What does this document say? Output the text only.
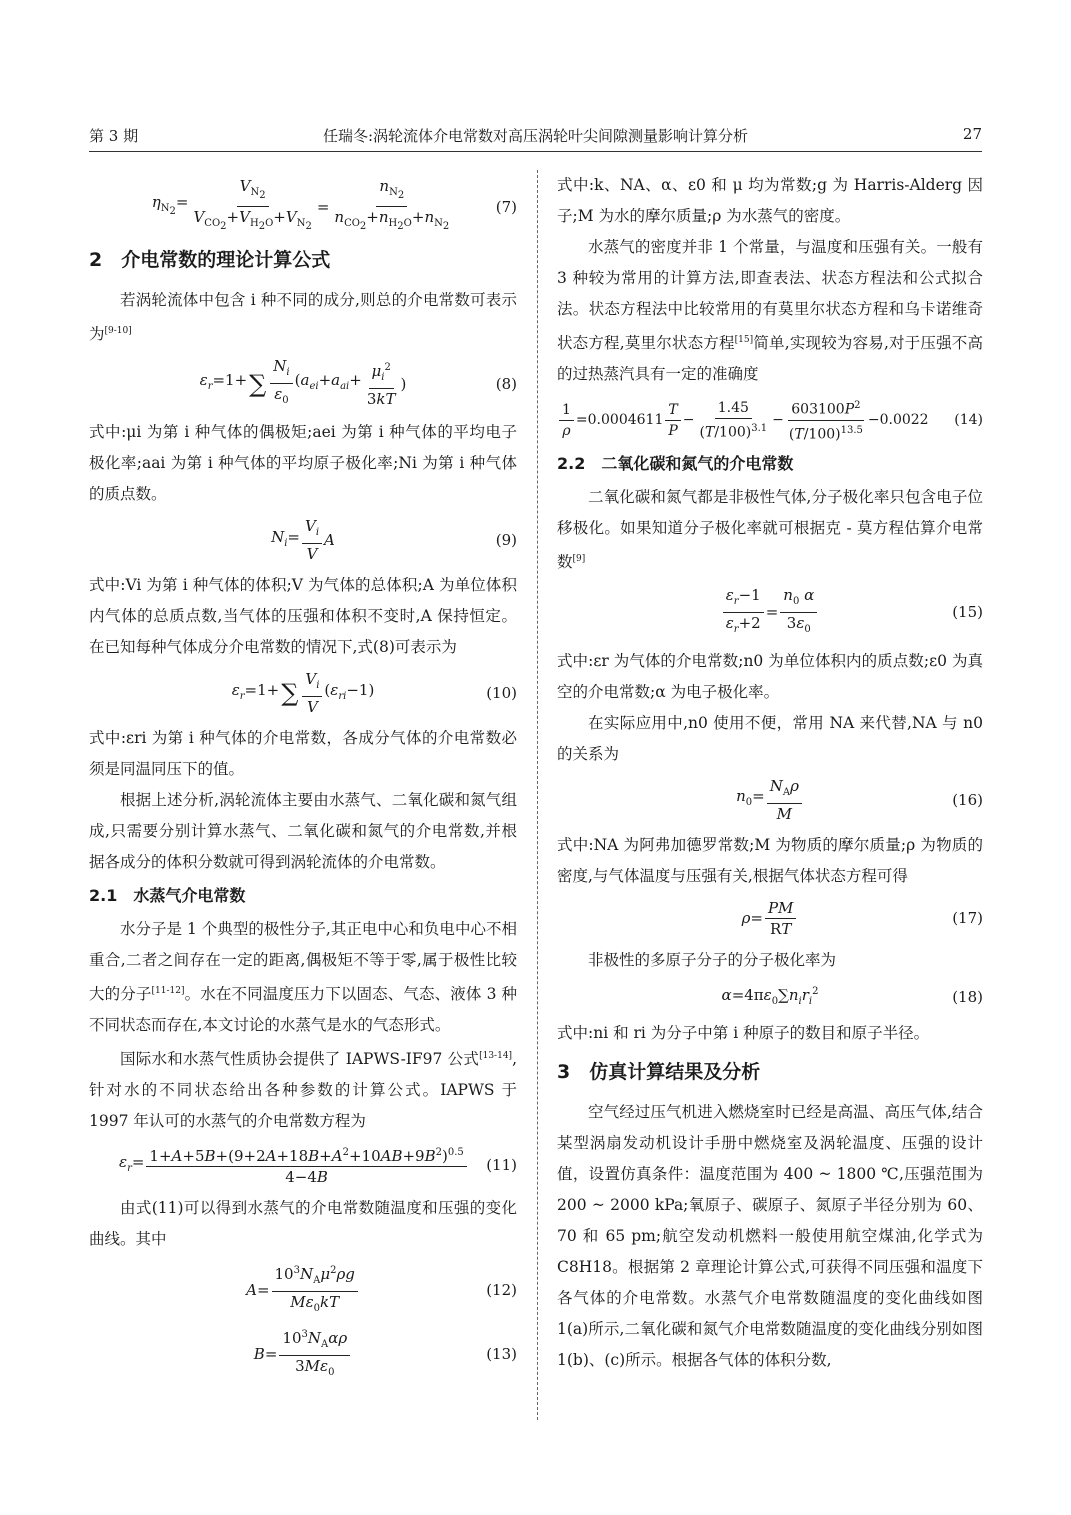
第 3 期	任瑞冬:涡轮流体介电常数对高压涡轮叶尖间隙测量影响计算分析	27
$\eta_{N_2}= \frac{V_{N_2}}{V_{CO_2}+V_{H_2O}+V_{N_2}} = \frac{n_{N_2}}{n_{CO_2}+n_{H_2O}+n_{N_2}}$	(7)
2　介电常数的理论计算公式

若涡轮流体中包含 i 种不同的成分,则总的介电常数可表示为[9-10]

$\varepsilon_r=1+$ ∑ $\frac{N_i}{\varepsilon_0} (a_{ei}+a_{ai}+ \frac{\mu_i^2}{3kT}$ )	(8)

式中:μi 为第 i 种气体的偶极矩;aei 为第 i 种气体的平均电子极化率;aai 为第 i 种气体的平均原子极化率;Ni 为第 i 种气体的质点数。

$N_i= \frac{V_i}{V}$ A	(9)

式中:Vi 为第 i 种气体的体积;V 为气体的总体积;A 为单位体积内气体的总质点数,当气体的压强和体积不变时,A 保持恒定。在已知每种气体成分介电常数的情况下,式(8)可表示为

$\varepsilon_r=1+$ ∑ $\frac{V_i}{V} (\varepsilon_{ri}-1)$	(10)

式中:εri 为第 i 种气体的介电常数，各成分气体的介电常数必须是同温同压下的值。

根据上述分析,涡轮流体主要由水蒸气、二氧化碳和氮气组成,只需要分别计算水蒸气、二氧化碳和氮气的介电常数,并根据各成分的体积分数就可得到涡轮流体的介电常数。

2.1　水蒸气介电常数

水分子是 1 个典型的极性分子,其正电中心和负电中心不相重合,二者之间存在一定的距离,偶极矩不等于零,属于极性比较大的分子[11-12]。水在不同温度压力下以固态、气态、液体 3 种不同状态而存在,本文讨论的水蒸气是水的气态形式。

国际水和水蒸气性质协会提供了 IAPWS-IF97 公式[13-14],针对水的不同状态给出各种参数的计算公式。IAPWS 于 1997 年认可的水蒸气的介电常数方程为

$\varepsilon_r= \frac{1+A+5B+(9+2A+18B+A^2+10AB+9B^2)^{0.5}}{4-4B} (11)$

由式(11)可以得到水蒸气的介电常数随温度和压强的变化曲线。其中

$A= \frac{10^3N_A\mu^2\rho g}{M\varepsilon_0kT}$	(12)
$B= \frac{10^3N_A\alpha\rho}{3M\varepsilon_0}$	(13)

式中:k、NA、α、ε0 和 μ 均为常数;g 为 Harris-Alderg 因子;M 为水的摩尔质量;ρ 为水蒸气的密度。

水蒸气的密度并非 1 个常量，与温度和压强有关。一般有 3 种较为常用的计算方法,即查表法、状态方程法和公式拟合法。状态方程法中比较常用的有莫里尔状态方程和乌卡诺维奇状态方程,莫里尔状态方程[15]简单,实现较为容易,对于压强不高的过热蒸汽具有一定的准确度

$\frac{1}{\rho} =0.0004611 \frac{T}{P} - \frac{1.45}{(T/100)^{3.1}} - \frac{603100P^2}{(T/100)^{13.5}} -0.0022$ (14)
2.2　二氧化碳和氮气的介电常数

二氧化碳和氮气都是非极性气体,分子极化率只包含电子位移极化。如果知道分子极化率就可根据克 - 莫方程估算介电常数[9]

$\frac{\varepsilon_r-1}{\varepsilon_r+2} = \frac{n_0 \alpha}{3\varepsilon_0}$	(15)

式中:εr 为气体的介电常数;n0 为单位体积内的质点数;ε0 为真空的介电常数;α 为电子极化率。

在实际应用中,n0 使用不便，常用 NA 来代替,NA 与 n0 的关系为

$n_0= \frac{N_A\rho}{M}$	(16)

式中:NA 为阿弗加德罗常数;M 为物质的摩尔质量;ρ 为物质的密度,与气体温度与压强有关,根据气体状态方程可得

$\rho= \frac{PM}{RT}$	(17)

非极性的多原子分子的分子极化率为

$\alpha=4\pi\varepsilon_0\sum n_ir_i^2$	(18)

式中:ni 和 ri 为分子中第 i 种原子的数目和原子半径。

3　仿真计算结果及分析

空气经过压气机进入燃烧室时已经是高温、高压气体,结合某型涡扇发动机设计手册中燃烧室及涡轮温度、压强的设计值，设置仿真条件：温度范围为 400 ~ 1800 ℃,压强范围为 200 ~ 2000 kPa;氧原子、碳原子、氮原子半径分别为 60、70 和 65 pm;航空发动机燃料一般使用航空煤油,化学式为 C8H18。根据第 2 章理论计算公式,可获得不同压强和温度下各气体的介电常数。水蒸气介电常数随温度的变化曲线如图 1(a)所示,二氧化碳和氮气介电常数随温度的变化曲线分别如图 1(b)、(c)所示。根据各气体的体积分数,
